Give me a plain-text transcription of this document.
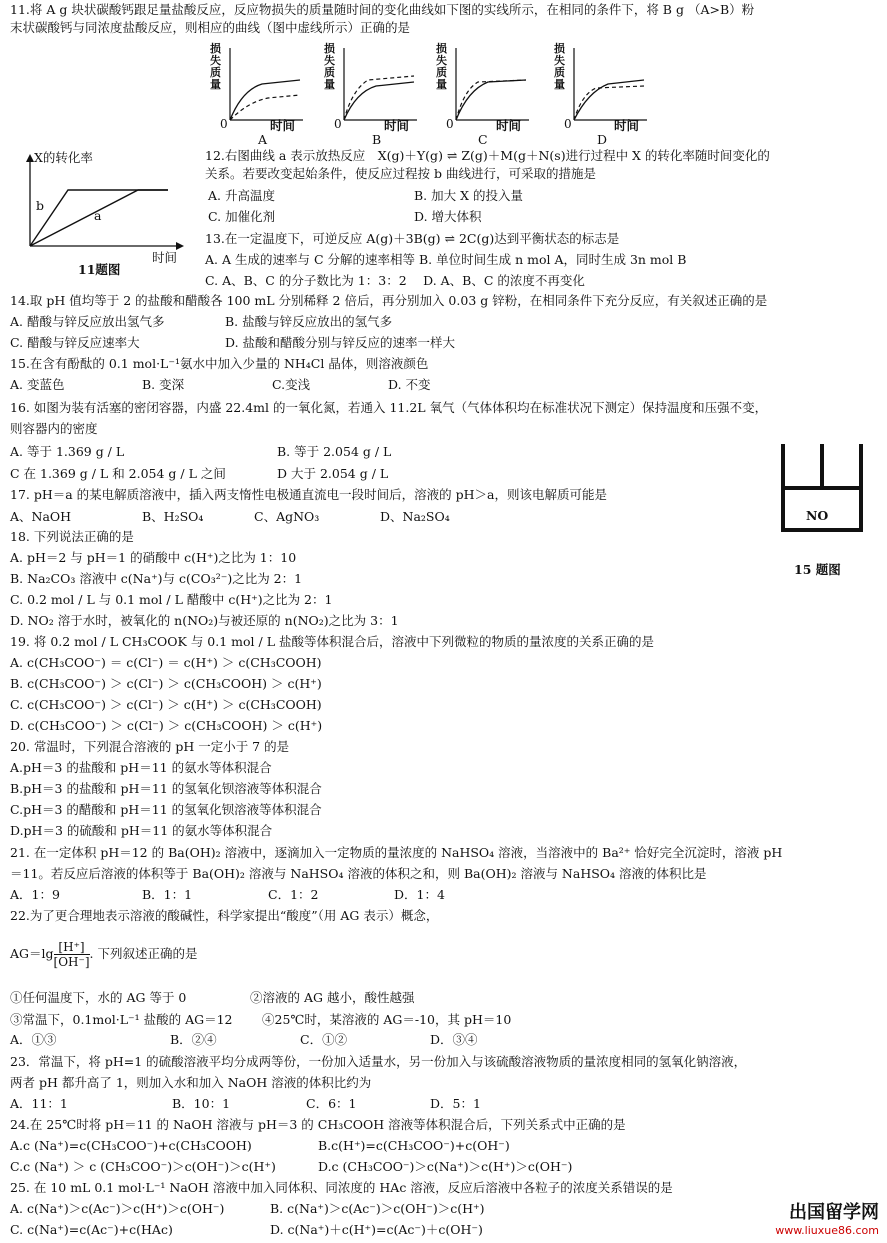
11.将 A g 块状碳酸钙跟足量盐酸反应，反应物损失的质量随时间的变化曲线如下图的实线所示，在相同的条件下，将 B g （A>B）粉
末状碳酸钙与同浓度盐酸反应，则相应的曲线（图中虚线所示）正确的是
损失质量
0	时间
A
损失质量
0	时间
B
损失质量
0	时间
C
损失质量
0	时间
D
X的转化率
b
a
时间
11题图
12.右图曲线 a 表示放热反应　X(g)＋Y(g) ⇌ Z(g)＋M(g＋N(s)进行过程中 X 的转化率随时间变化的
关系。若要改变起始条件，使反应过程按 b 曲线进行，可采取的措施是
A. 升高温度	B. 加大 X 的投入量
C. 加催化剂	D. 增大体积
13.在一定温度下，可逆反应 A(g)＋3B(g) ⇌ 2C(g)达到平衡状态的标志是
A. A 生成的速率与 C 分解的速率相等 B. 单位时间生成 n mol A，同时生成 3n mol B
C. A、B、C 的分子数比为 1：3：2　 D. A、B、C 的浓度不再变化
14.取 pH 值均等于 2 的盐酸和醋酸各 100 mL 分别稀释 2 倍后，再分别加入 0.03 g 锌粉，在相同条件下充分反应，有关叙述正确的是
A. 醋酸与锌反应放出氢气多	B. 盐酸与锌反应放出的氢气多
C. 醋酸与锌反应速率大	D. 盐酸和醋酸分别与锌反应的速率一样大
15.在含有酚酞的 0.1 mol·L⁻¹氨水中加入少量的 NH₄Cl 晶体，则溶液颜色
A. 变蓝色	B. 变深	C.变浅	D. 不变
16. 如图为装有活塞的密闭容器，内盛 22.4ml 的一氧化氮，若通入 11.2L 氧气（气体体积均在标准状况下测定）保持温度和压强不变，
则容器内的密度
A. 等于 1.369 g / L	B. 等于 2.054 g / L
C 在 1.369 g / L 和 2.054 g / L 之间	D 大于 2.054 g / L
NO
15 题图
17. pH＝a 的某电解质溶液中，插入两支惰性电极通直流电一段时间后，溶液的 pH＞a，则该电解质可能是
A、NaOH	B、H₂SO₄	C、AgNO₃	D、Na₂SO₄
18. 下列说法正确的是
A. pH＝2 与 pH＝1 的硝酸中 c(H⁺)之比为 1：10
B. Na₂CO₃ 溶液中 c(Na⁺)与 c(CO₃²⁻)之比为 2：1
C. 0.2 mol / L 与 0.1 mol / L 醋酸中 c(H⁺)之比为 2：1
D. NO₂ 溶于水时，被氧化的 n(NO₂)与被还原的 n(NO₂)之比为 3：1
19. 将 0.2 mol / L CH₃COOK 与 0.1 mol / L 盐酸等体积混合后，溶液中下列微粒的物质的量浓度的关系正确的是
A. c(CH₃COO⁻) ＝ c(Cl⁻) ＝ c(H⁺) ＞ c(CH₃COOH)
B. c(CH₃COO⁻) ＞ c(Cl⁻) ＞ c(CH₃COOH) ＞ c(H⁺)
C. c(CH₃COO⁻) ＞ c(Cl⁻) ＞ c(H⁺) ＞ c(CH₃COOH)
D. c(CH₃COO⁻) ＞ c(Cl⁻) ＞ c(CH₃COOH) ＞ c(H⁺)
20. 常温时，下列混合溶液的 pH 一定小于 7 的是
A.pH＝3 的盐酸和 pH＝11 的氨水等体积混合
B.pH＝3 的盐酸和 pH＝11 的氢氧化钡溶液等体积混合
C.pH＝3 的醋酸和 pH＝11 的氢氧化钡溶液等体积混合
D.pH＝3 的硫酸和 pH＝11 的氨水等体积混合
21. 在一定体积 pH＝12 的 Ba(OH)₂ 溶液中，逐滴加入一定物质的量浓度的 NaHSO₄ 溶液，当溶液中的 Ba²⁺ 恰好完全沉淀时，溶液 pH
＝11。若反应后溶液的体积等于 Ba(OH)₂ 溶液与 NaHSO₄ 溶液的体积之和，则 Ba(OH)₂ 溶液与 NaHSO₄ 溶液的体积比是
A．1：9	B．1：1	C．1：2	D．1：4
22.为了更合理地表示溶液的酸碱性，科学家提出“酸度”（用 AG 表示）概念，
$AG=\lg \frac{[H^+]}{[OH^-]}$ . 下列叙述正确的是
①任何温度下，水的 AG 等于 0	②溶液的 AG 越小，酸性越强
③常温下，0.1mol·L⁻¹ 盐酸的 AG＝12 ④25℃时，某溶液的 AG＝-10，其 pH＝10
A．①③	B．②④	C．①②	D．③④
23．常温下，将 pH=1 的硫酸溶液平均分成两等份，一份加入适量水，另一份加入与该硫酸溶液物质的量浓度相同的氢氧化钠溶液，
两者 pH 都升高了 1，则加入水和加入 NaOH 溶液的体积比约为
A．11：1	B．10：1	C．6：1	D．5：1
24.在 25℃时将 pH＝11 的 NaOH 溶液与 pH＝3 的 CH₃COOH 溶液等体积混合后，下列关系式中正确的是
A.c (Na⁺)=c(CH₃COO⁻)+c(CH₃COOH)	B.c(H⁺)=c(CH₃COO⁻)+c(OH⁻)
C.c (Na⁺) ＞ c (CH₃COO⁻)＞c(OH⁻)＞c(H⁺)	D.c (CH₃COO⁻)＞c(Na⁺)＞c(H⁺)＞c(OH⁻)
25. 在 10 mL 0.1 mol·L⁻¹ NaOH 溶液中加入同体积、同浓度的 HAc 溶液，反应后溶液中各粒子的浓度关系错误的是
A. c(Na⁺)＞c(Ac⁻)＞c(H⁺)＞c(OH⁻)	B. c(Na⁺)＞c(Ac⁻)＞c(OH⁻)＞c(H⁺)
C. c(Na⁺)=c(Ac⁻)+c(HAc)	D. c(Na⁺)＋c(H⁺)=c(Ac⁻)＋c(OH⁻)
出国留学网
www.liuxue86.com
